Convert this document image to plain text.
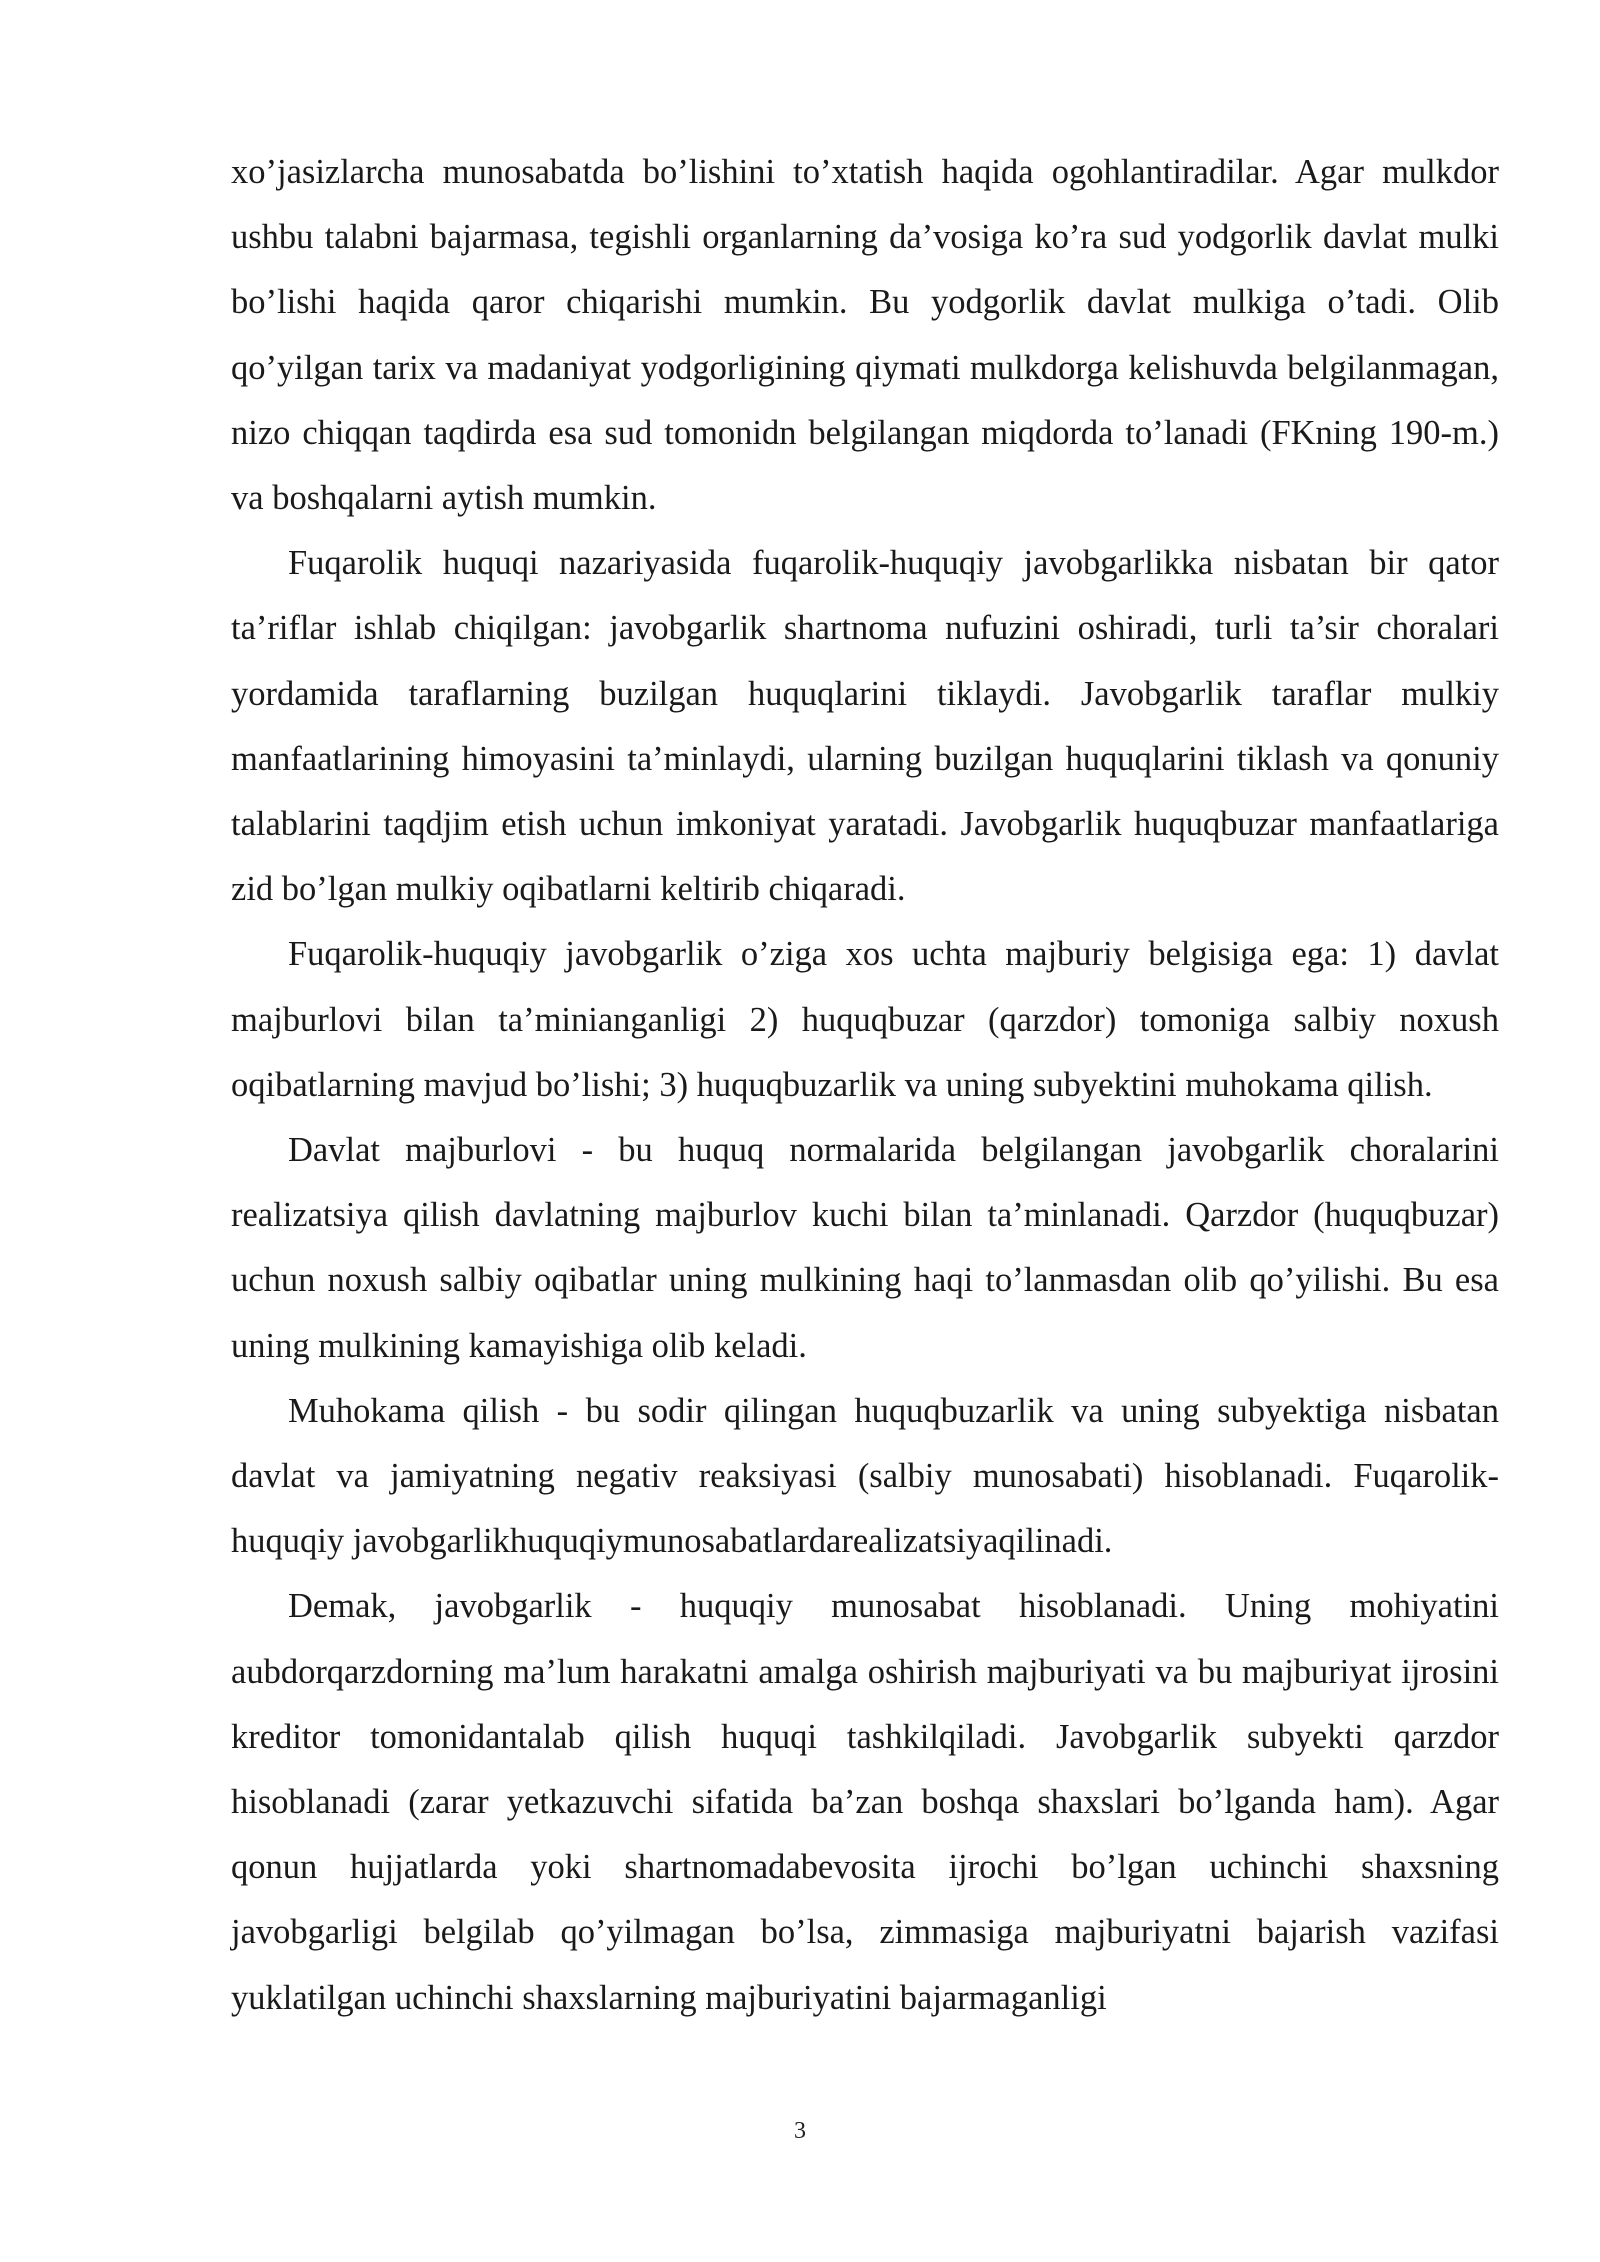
xo’jasizlarcha munosabatda bo’lishini to’xtatish haqida ogohlantiradilar. Agar mulkdor ushbu talabni bajarmasa, tegishli organlarning da’vosiga ko’ra sud yodgorlik davlat mulki bo’lishi haqida qaror chiqarishi mumkin. Bu yodgorlik davlat mulkiga o’tadi. Olib qo’yilgan tarix va madaniyat yodgorligining qiymati mulkdorga kelishuvda belgilanmagan, nizo chiqqan taqdirda esa sud tomonidn belgilangan miqdorda to’lanadi (FKning 190-m.) va boshqalarni aytish mumkin.

Fuqarolik huquqi nazariyasida fuqarolik-huquqiy javobgarlikka nisbatan bir qator ta’riflar ishlab chiqilgan: javobgarlik shartnoma nufuzini oshiradi, turli ta’sir choralari yordamida taraflarning buzilgan huquqlarini tiklaydi. Javobgarlik taraflar mulkiy manfaatlarining himoyasini ta’minlaydi, ularning buzilgan huquqlarini tiklash va qonuniy talablarini taqdjim etish uchun imkoniyat yaratadi. Javobgarlik huquqbuzar manfaatlariga zid bo’lgan mulkiy oqibatlarni keltirib chiqaradi.

Fuqarolik-huquqiy javobgarlik o’ziga xos uchta majburiy belgisiga ega: 1) davlat majburlovi bilan ta’minianganligi 2) huquqbuzar (qarzdor) tomoniga salbiy noxush oqibatlarning mavjud bo’lishi; 3) huquqbuzarlik va uning subyektini muhokama qilish.

Davlat majburlovi - bu huquq normalarida belgilangan javobgarlik choralarini realizatsiya qilish davlatning majburlov kuchi bilan ta’minlanadi. Qarzdor (huquqbuzar) uchun noxush salbiy oqibatlar uning mulkining haqi to’lanmasdan olib qo’yilishi. Bu esa uning mulkining kamayishiga olib keladi.

Muhokama qilish - bu sodir qilingan huquqbuzarlik va uning subyektiga nisbatan davlat va jamiyatning negativ reaksiyasi (salbiy munosabati) hisoblanadi. Fuqarolik-huquqiy javobgarlikhuquqiymunosabatlardarealizatsiyaqilinadi.

Demak, javobgarlik - huquqiy munosabat hisoblanadi. Uning mohiyatini aubdorqarzdorning ma’lum harakatni amalga oshirish majburiyati va bu majburiyat ijrosini kreditor tomonidantalab qilish huquqi tashkilqiladi. Javobgarlik subyekti qarzdor hisoblanadi (zarar yetkazuvchi sifatida ba’zan boshqa shaxslari bo’lganda ham). Agar qonun hujjatlarda yoki shartnomadabevosita ijrochi bo’lgan uchinchi shaxsning javobgarligi belgilab qo’yilmagan bo’lsa, zimmasiga majburiyatni bajarish vazifasi yuklatilgan uchinchi shaxslarning majburiyatini bajarmaganligi

3
